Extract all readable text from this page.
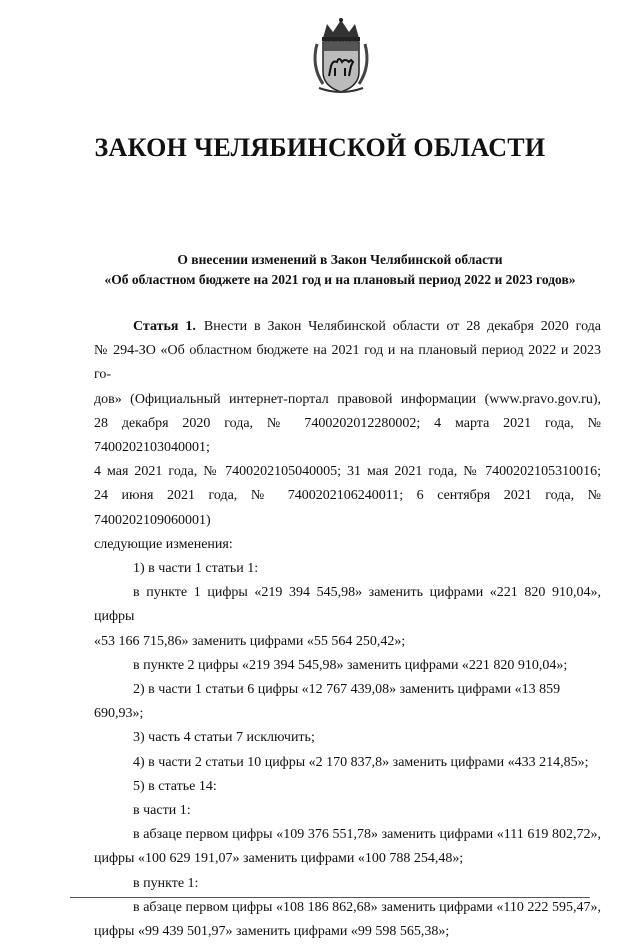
ЗАКОН ЧЕЛЯБИНСКОЙ ОБЛАСТИ
О внесении изменений в Закон Челябинской области
«Об областном бюджете на 2021 год и на плановый период 2022 и 2023 годов»

Статья 1. Внести в Закон Челябинской области от 28 декабря 2020 года

№ 294-ЗО «Об областном бюджете на 2021 год и на плановый период 2022 и 2023 го-

дов» (Официальный интернет-портал правовой информации (www.pravo.gov.ru),

28 декабря 2020 года, № 7400202012280002; 4 марта 2021 года, № 7400202103040001;

4 мая 2021 года, № 7400202105040005; 31 мая 2021 года, № 7400202105310016;

24 июня 2021 года, № 7400202106240011; 6 сентября 2021 года, № 7400202109060001)

следующие изменения:

1) в части 1 статьи 1:

в пункте 1 цифры «219 394 545,98» заменить цифрами «221 820 910,04», цифры

«53 166 715,86» заменить цифрами «55 564 250,42»;

в пункте 2 цифры «219 394 545,98» заменить цифрами «221 820 910,04»;

2) в части 1 статьи 6 цифры «12 767 439,08» заменить цифрами «13 859 690,93»;

3) часть 4 статьи 7 исключить;

4) в части 2 статьи 10 цифры «2 170 837,8» заменить цифрами «433 214,85»;

5) в статье 14:

в части 1:

в абзаце первом цифры «109 376 551,78» заменить цифрами «111 619 802,72»,

цифры «100 629 191,07» заменить цифрами «100 788 254,48»;

в пункте 1:

в абзаце первом цифры «108 186 862,68» заменить цифрами «110 222 595,47»,

цифры «99 439 501,97» заменить цифрами «99 598 565,38»;
